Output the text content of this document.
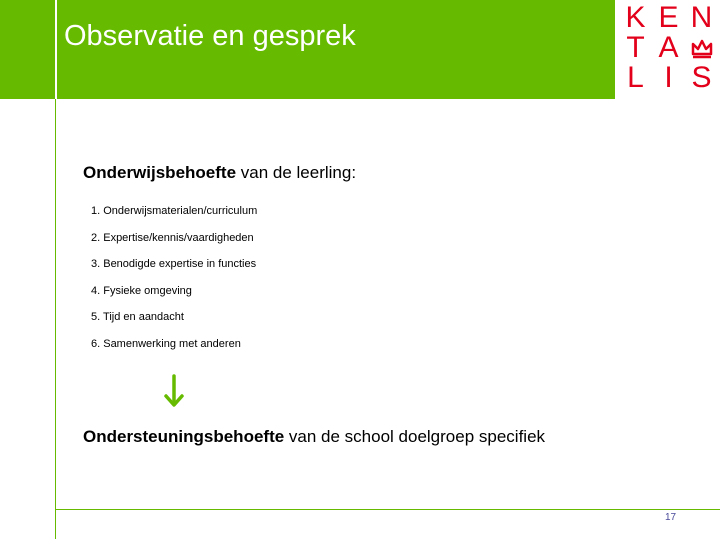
Observatie en gesprek
K E N
T A
L I S
Onderwijsbehoefte van de leerling:
1. Onderwijsmaterialen/curriculum
2. Expertise/kennis/vaardigheden
3. Benodigde expertise in functies
4. Fysieke omgeving
5. Tijd en aandacht
6. Samenwerking met anderen
Ondersteuningsbehoefte van de school doelgroep specifiek
17
